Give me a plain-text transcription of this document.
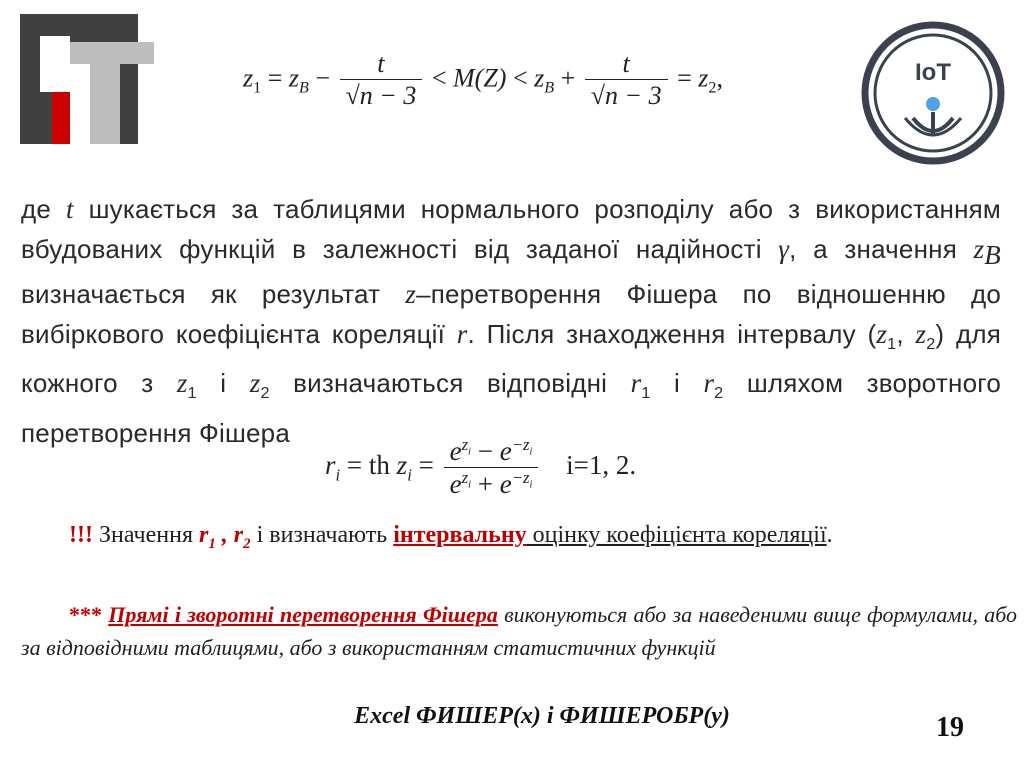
IoT
$z_1 = z_B - \frac{t}{√n - 3} < M(Z) < z_B + \frac{t}{√n - 3} = z_2$,
де t шукається за таблицями нормального розподілу або з використанням вбудованих функцій в залежності від заданої надійності γ, а значення $z_B$ визначається як результат z–перетворення Фішера по відношенню до вибіркового коефіцієнта кореляції r. Після знаходження інтервалу ($z_1$, $z_2$) для кожного з $z_1$ і $z_2$ визначаються відповідні $r_1$ і $r_2$ шляхом зворотного перетворення Фішера
$r_i$ = th $z_i = \frac{e^{z_i} - e^{-z_i}}{e^{z_i} + e^{-z_i}} i=1$, 2.
!!! Значення $r_1$ , $r_2$ і визначають інтервальну оцінку коефіцієнта кореляції.
*** Прямі і зворотні перетворення Фішера виконуються або за наведеними вище формулами, або за відповідними таблицями, або з використанням статистичних функцій
Excel ФИШЕР(x) і ФИШЕРОБР(y)	19
